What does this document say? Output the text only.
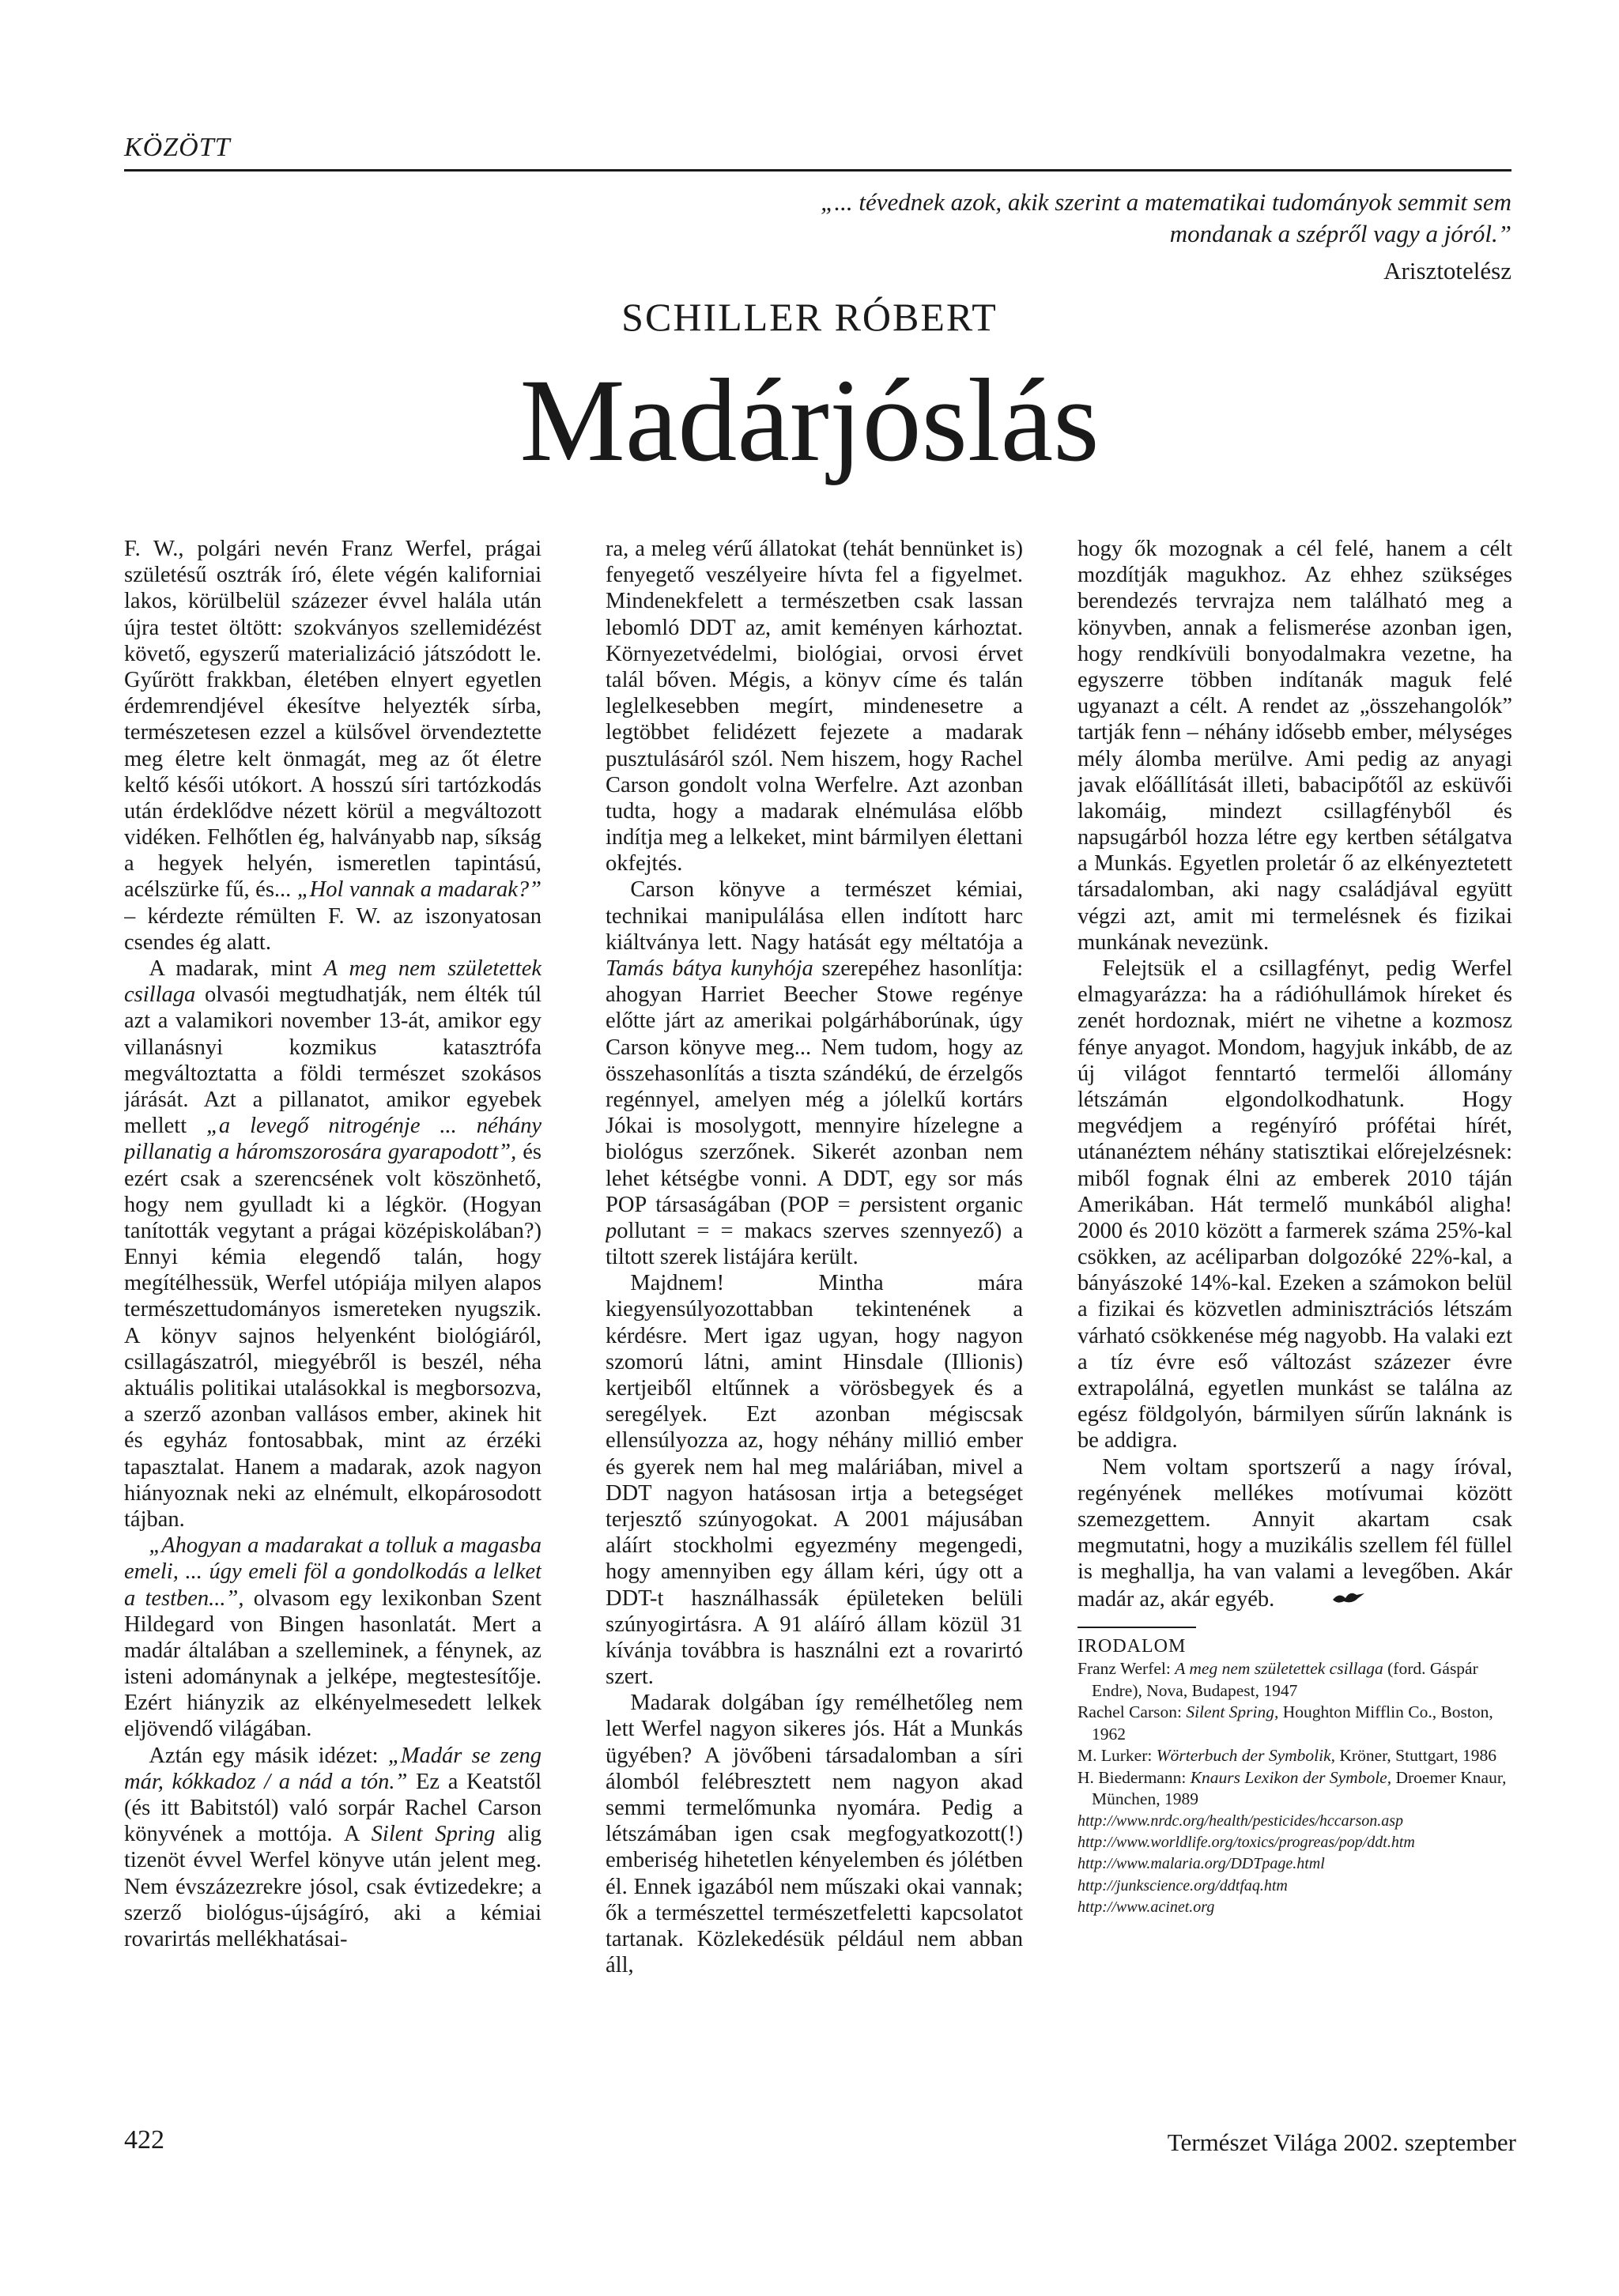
KÖZÖTT
„... tévednek azok, akik szerint a matematikai tudományok semmit sem mondanak a szépről vagy a jóról.”
Arisztotelész
SCHILLER RÓBERT
Madárjóslás

F. W., polgári nevén Franz Werfel, prágai születésű osztrák író, élete végén kaliforniai lakos, körülbelül százezer évvel halála után újra testet öltött: szokványos szellemidézést követő, egyszerű materializáció játszódott le. Gyűrött frakkban, életében elnyert egyetlen érdemrendjével ékesítve helyezték sírba, természetesen ezzel a külsővel örvendeztette meg életre kelt önmagát, meg az őt életre keltő késői utókort. A hosszú síri tartózkodás után érdeklődve nézett körül a megváltozott vidéken. Felhőtlen ég, halványabb nap, síkság a hegyek helyén, ismeretlen tapintású, acélszürke fű, és... „Hol vannak a madarak?” – kérdezte rémülten F. W. az iszonyatosan csendes ég alatt.

A madarak, mint A meg nem születettek csillaga olvasói megtudhatják, nem élték túl azt a valamikori november 13-át, amikor egy villanásnyi kozmikus katasztrófa megváltoztatta a földi természet szokásos járását. Azt a pillanatot, amikor egyebek mellett „a levegő nitrogénje ... néhány pillanatig a háromszorosára gyarapodott”, és ezért csak a szerencsének volt köszönhető, hogy nem gyulladt ki a légkör. (Hogyan tanították vegytant a prágai középiskolában?) Ennyi kémia elegendő talán, hogy megítélhessük, Werfel utópiája milyen alapos természettudományos ismereteken nyugszik. A könyv sajnos helyenként biológiáról, csillagászatról, miegyébről is beszél, néha aktuális politikai utalásokkal is megborsozva, a szerző azonban vallásos ember, akinek hit és egyház fontosabbak, mint az érzéki tapasztalat. Hanem a madarak, azok nagyon hiányoznak neki az elnémult, elkopárosodott tájban.

„Ahogyan a madarakat a tolluk a magasba emeli, ... úgy emeli föl a gondolkodás a lelket a testben...”, olvasom egy lexikonban Szent Hildegard von Bingen hasonlatát. Mert a madár általában a szelleminek, a fénynek, az isteni adománynak a jelképe, megtestesítője. Ezért hiányzik az elkényelmesedett lelkek eljövendő világában.

Aztán egy másik idézet: „Madár se zeng már, kókkadoz / a nád a tón.” Ez a Keatstől (és itt Babitstól) való sorpár Rachel Carson könyvének a mottója. A Silent Spring alig tizenöt évvel Werfel könyve után jelent meg. Nem évszázezrekre jósol, csak évtizedekre; a szerző biológus-újságíró, aki a kémiai rovarirtás mellékhatásai-

ra, a meleg vérű állatokat (tehát bennünket is) fenyegető veszélyeire hívta fel a figyelmet. Mindenekfelett a természetben csak lassan lebomló DDT az, amit keményen kárhoztat. Környezetvédelmi, biológiai, orvosi érvet talál bőven. Mégis, a könyv címe és talán leglelkesebben megírt, mindenesetre a legtöbbet felidézett fejezete a madarak pusztulásáról szól. Nem hiszem, hogy Rachel Carson gondolt volna Werfelre. Azt azonban tudta, hogy a madarak elnémulása előbb indítja meg a lelkeket, mint bármilyen élettani okfejtés.

Carson könyve a természet kémiai, technikai manipulálása ellen indított harc kiáltványa lett. Nagy hatását egy méltatója a Tamás bátya kunyhója szerepéhez hasonlítja: ahogyan Harriet Beecher Stowe regénye előtte járt az amerikai polgárháborúnak, úgy Carson könyve meg... Nem tudom, hogy az összehasonlítás a tiszta szándékú, de érzelgős regénnyel, amelyen még a jólelkű kortárs Jókai is mosolygott, mennyire hízelegne a biológus szerzőnek. Sikerét azonban nem lehet kétségbe vonni. A DDT, egy sor más POP társaságában (POP = persistent organic pollutant = = makacs szerves szennyező) a tiltott szerek listájára került.

Majdnem! Mintha mára kiegyensúlyozottabban tekintenének a kérdésre. Mert igaz ugyan, hogy nagyon szomorú látni, amint Hinsdale (Illionis) kertjeiből eltűnnek a vörösbegyek és a seregélyek. Ezt azonban mégiscsak ellensúlyozza az, hogy néhány millió ember és gyerek nem hal meg maláriában, mivel a DDT nagyon hatásosan irtja a betegséget terjesztő szúnyogokat. A 2001 májusában aláírt stockholmi egyezmény megengedi, hogy amennyiben egy állam kéri, úgy ott a DDT-t használhassák épületeken belüli szúnyogirtásra. A 91 aláíró állam közül 31 kívánja továbbra is használni ezt a rovarirtó szert.

Madarak dolgában így remélhetőleg nem lett Werfel nagyon sikeres jós. Hát a Munkás ügyében? A jövőbeni társadalomban a síri álomból felébresztett nem nagyon akad semmi termelőmunka nyomára. Pedig a létszámában igen csak megfogyatkozott(!) emberiség hihetetlen kényelemben és jólétben él. Ennek igazából nem műszaki okai vannak; ők a természettel természetfeletti kapcsolatot tartanak. Közlekedésük például nem abban áll,

hogy ők mozognak a cél felé, hanem a célt mozdítják magukhoz. Az ehhez szükséges berendezés tervrajza nem található meg a könyvben, annak a felismerése azonban igen, hogy rendkívüli bonyodalmakra vezetne, ha egyszerre többen indítanák maguk felé ugyanazt a célt. A rendet az „összehangolók” tartják fenn – néhány idősebb ember, mélységes mély álomba merülve. Ami pedig az anyagi javak előállítását illeti, babacipőtől az esküvői lakomáig, mindezt csillagfényből és napsugárból hozza létre egy kertben sétálgatva a Munkás. Egyetlen proletár ő az elkényeztetett társadalomban, aki nagy családjával együtt végzi azt, amit mi termelésnek és fizikai munkának nevezünk.

Felejtsük el a csillagfényt, pedig Werfel elmagyarázza: ha a rádióhullámok híreket és zenét hordoznak, miért ne vihetne a kozmosz fénye anyagot. Mondom, hagyjuk inkább, de az új világot fenntartó termelői állomány létszámán elgondolkodhatunk. Hogy megvédjem a regényíró prófétai hírét, utánanéztem néhány statisztikai előrejelzésnek: miből fognak élni az emberek 2010 táján Amerikában. Hát termelő munkából aligha! 2000 és 2010 között a farmerek száma 25%-kal csökken, az acéliparban dolgozóké 22%-kal, a bányászoké 14%-kal. Ezeken a számokon belül a fizikai és közvetlen adminisztrációs létszám várható csökkenése még nagyobb. Ha valaki ezt a tíz évre eső változást százezer évre extrapolálná, egyetlen munkást se találna az egész földgolyón, bármilyen sűrűn laknánk is be addigra.

Nem voltam sportszerű a nagy íróval, regényének mellékes motívumai között szemezgettem. Annyit akartam csak megmutatni, hogy a muzikális szellem fél füllel is meghallja, ha van valami a levegőben. Akár madár az, akár egyéb.

IRODALOM
Franz Werfel: A meg nem születettek csillaga (ford. Gáspár Endre), Nova, Budapest, 1947
Rachel Carson: Silent Spring, Houghton Mifflin Co., Boston, 1962
M. Lurker: Wörterbuch der Symbolik, Kröner, Stuttgart, 1986
H. Biedermann: Knaurs Lexikon der Symbole, Droemer Knaur, München, 1989
http://www.nrdc.org/health/pesticides/hccarson.asp
http://www.worldlife.org/toxics/progreas/pop/ddt.htm
http://www.malaria.org/DDTpage.html
http://junkscience.org/ddtfaq.htm
http://www.acinet.org
422	Természet Világa 2002. szeptember
